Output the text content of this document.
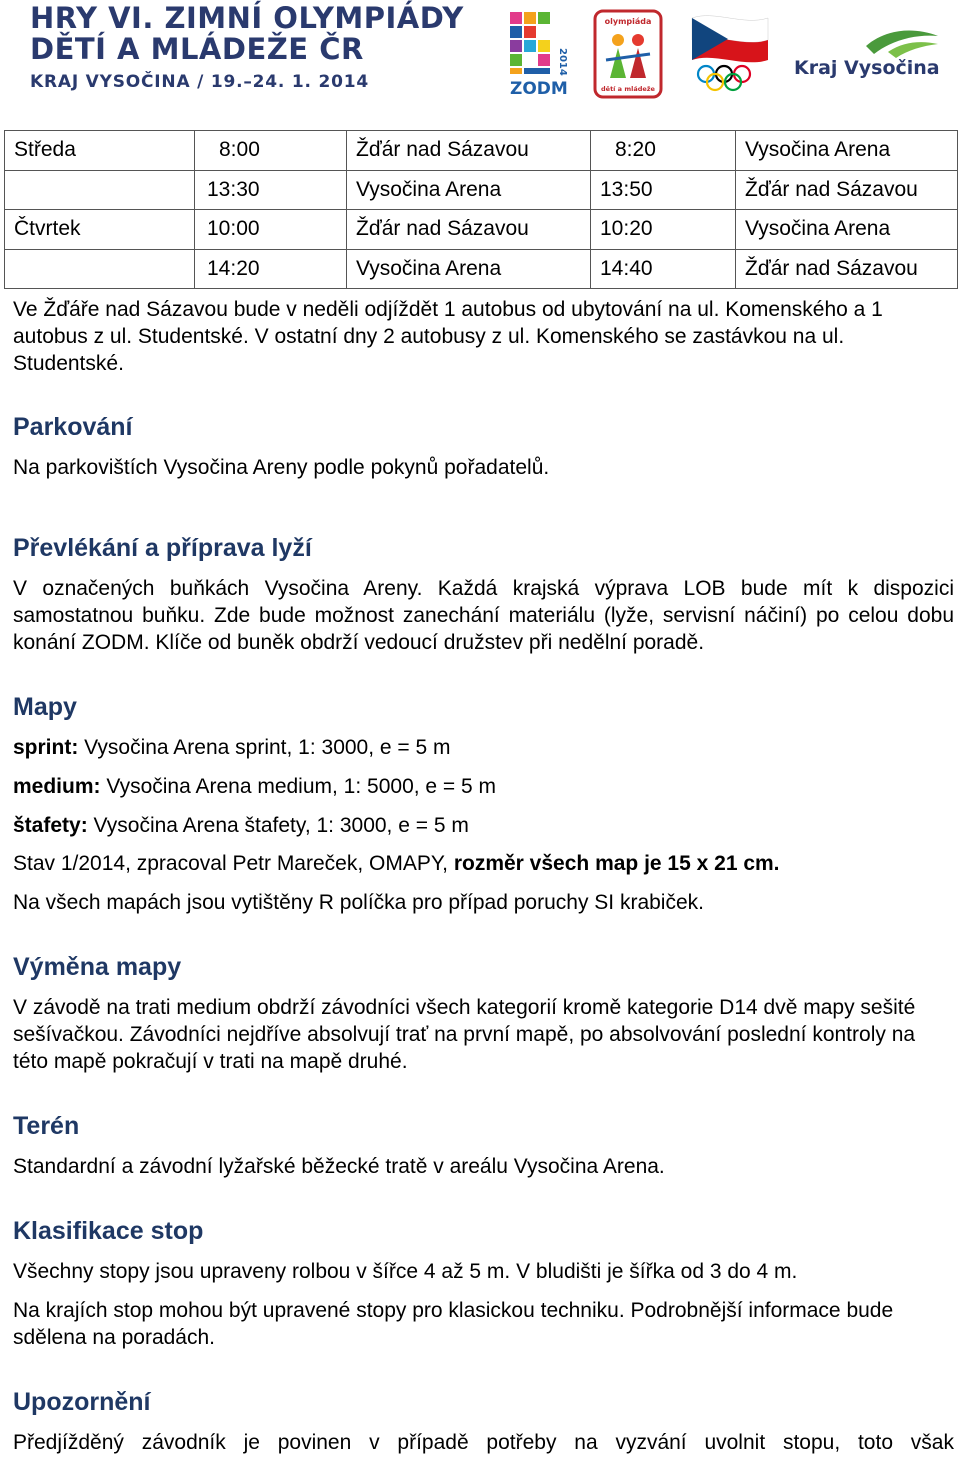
HRY VI. ZIMNÍ OLYMPIÁDY
DĚTÍ A MLÁDEŽE ČR
KRAJ VYSOČINA / 19.–24. 1. 2014
2014
ZODM
olympiáda
dětí a mládeže
Kraj Vysočina
Středa	8:00	Žďár nad Sázavou	8:20	Vysočina Arena
	13:30	Vysočina Arena	13:50	Žďár nad Sázavou
Čtvrtek	10:00	Žďár nad Sázavou	10:20	Vysočina Arena
	14:20	Vysočina Arena	14:40	Žďár nad Sázavou

Ve Žďáře nad Sázavou bude v neděli odjíždět 1 autobus od ubytování na ul. Komenského a 1 autobus z ul. Studentské. V ostatní dny 2 autobusy z ul. Komenského se zastávkou na ul. Studentské.

Parkování

Na parkovištích Vysočina Areny podle pokynů pořadatelů.

Převlékání a příprava lyží

V označených buňkách Vysočina Areny. Každá krajská výprava LOB bude mít k dispozici samostatnou buňku. Zde bude možnost zanechání materiálu (lyže, servisní náčiní) po celou dobu konání ZODM. Klíče od buněk obdrží vedoucí družstev při nedělní poradě.

Mapy

sprint: Vysočina Arena sprint, 1: 3000, e = 5 m

medium: Vysočina Arena medium, 1: 5000, e = 5 m

štafety: Vysočina Arena štafety, 1: 3000, e = 5 m

Stav 1/2014, zpracoval Petr Mareček, OMAPY, rozměr všech map je 15 x 21 cm.

Na všech mapách jsou vytištěny R políčka pro případ poruchy SI krabiček.

Výměna mapy

V závodě na trati medium obdrží závodníci všech kategorií kromě kategorie D14 dvě mapy sešité sešívačkou. Závodníci nejdříve absolvují trať na první mapě, po absolvování poslední kontroly na této mapě pokračují v trati na mapě druhé.

Terén

Standardní a závodní lyžařské běžecké tratě v areálu Vysočina Arena.

Klasifikace stop

Všechny stopy jsou upraveny rolbou v šířce 4 až 5 m. V bludišti je šířka od 3 do 4 m.

Na krajích stop mohou být upravené stopy pro klasickou techniku. Podrobnější informace bude sdělena na poradách.

Upozornění

Předjížděný závodník je povinen v případě potřeby na vyzvání uvolnit stopu, toto však
